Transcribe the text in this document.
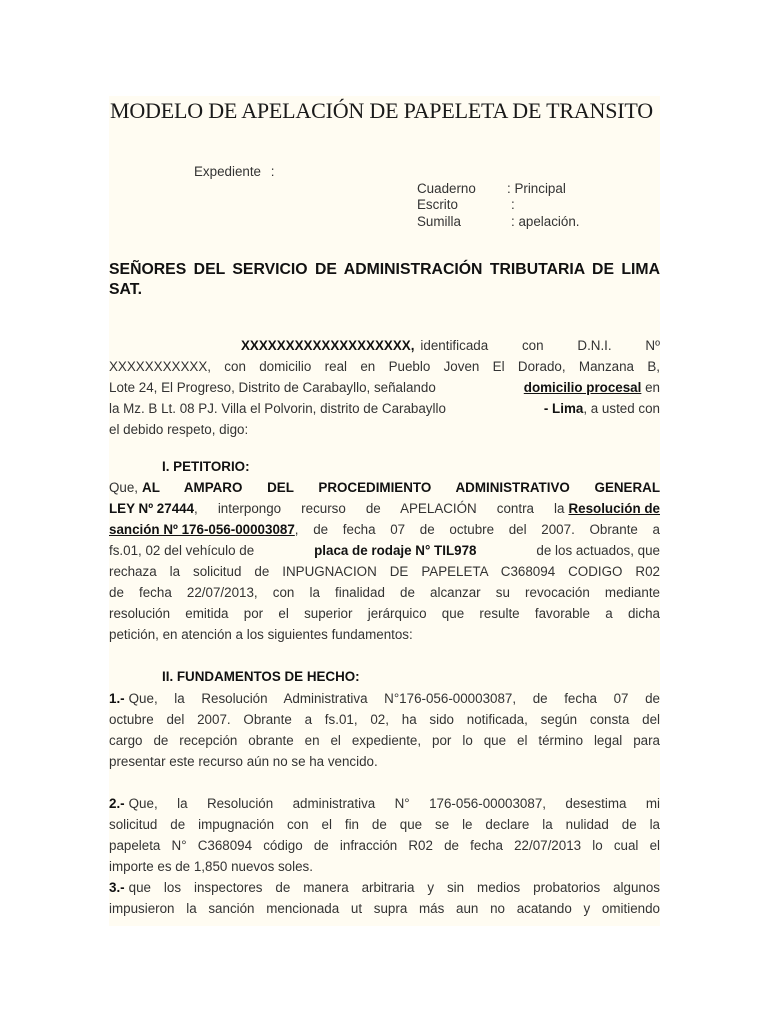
MODELO DE APELACIÓN DE PAPELETA DE TRANSITO
Expediente :
Cuaderno : Principal
Escrito	:
Sumilla	: apelación.
SEÑORES DEL SERVICIO DE ADMINISTRACIÓN TRIBUTARIA DE LIMA SAT.
XXXXXXXXXXXXXXXXXXX, identificada con D.N.I. Nº
XXXXXXXXXXX, con domicilio real en Pueblo Joven El Dorado, Manzana B,
Lote 24, El Progreso, Distrito de Carabayllo, señalando	domicilio procesal en
la Mz. B Lt. 08 PJ. Villa el Polvorin, distrito de Carabayllo	- Lima, a usted con
el debido respeto, digo:
I. PETITORIO:
Que, AL AMPARO DEL PROCEDIMIENTO ADMINISTRATIVO GENERAL
LEY Nº 27444 , interpongo recurso de APELACIÓN contra la Resolución de
sanción Nº 176-056-00003087 , de fecha 07 de octubre del 2007. Obrante a
fs.01, 02 del vehículo de	placa de rodaje N° TIL978	de los actuados, que
rechaza la solicitud de INPUGNACION DE PAPELETA C368094 CODIGO R02
de fecha 22/07/2013, con la finalidad de alcanzar su revocación mediante
resolución emitida por el superior jerárquico que resulte favorable a dicha
petición, en atención a los siguientes fundamentos:
II. FUNDAMENTOS DE HECHO:
1.- Que, la Resolución Administrativa N°176-056-00003087, de fecha 07 de
octubre del 2007. Obrante a fs.01, 02, ha sido notificada, según consta del
cargo de recepción obrante en el expediente, por lo que el término legal para
presentar este recurso aún no se ha vencido.
2.- Que, la Resolución administrativa N° 176-056-00003087, desestima mi
solicitud de impugnación con el fin de que se le declare la nulidad de la
papeleta N° C368094 código de infracción R02 de fecha 22/07/2013 lo cual el
importe es de 1,850 nuevos soles.
3.- que los inspectores de manera arbitraria y sin medios probatorios algunos
impusieron la sanción mencionada ut supra más aun no acatando y omitiendo
